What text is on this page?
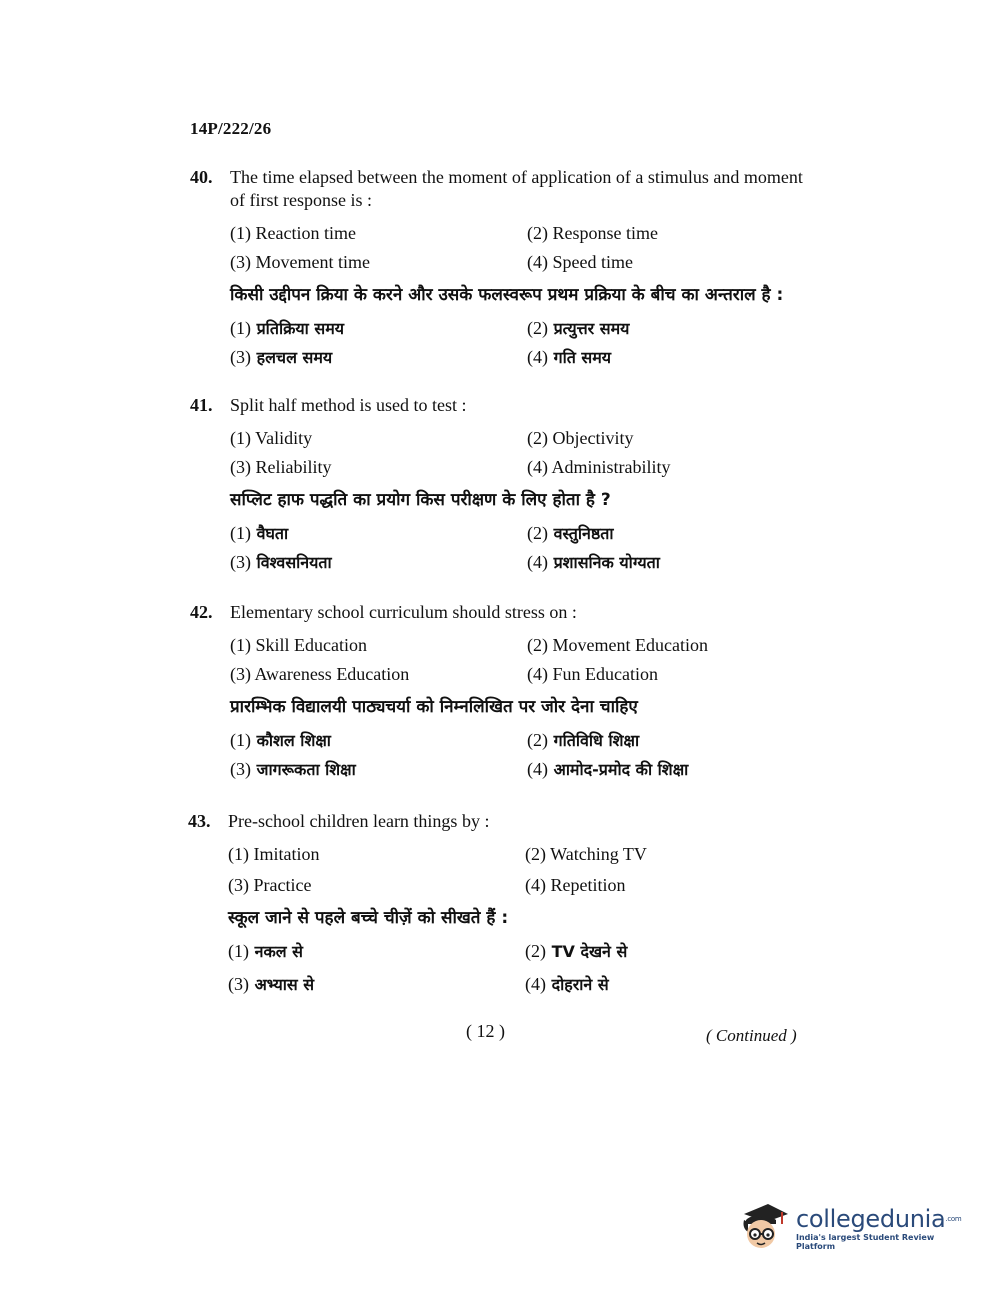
14P/222/26
40. The time elapsed between the moment of application of a stimulus and moment of first response is :
(1) Reaction time	(2) Response time
(3) Movement time	(4) Speed time
किसी उद्दीपन क्रिया के करने और उसके फलस्वरूप प्रथम प्रक्रिया के बीच का अन्तराल है :
(1) प्रतिक्रिया समय	(2) प्रत्युत्तर समय
(3) हलचल समय	(4) गति समय
41. Split half method is used to test :
(1) Validity	(2) Objectivity
(3) Reliability	(4) Administrability
सप्लिट हाफ पद्धति का प्रयोग किस परीक्षण के लिए होता है ?
(1) वैघता	(2) वस्तुनिष्ठता
(3) विश्वसनियता	(4) प्रशासनिक योग्यता
42. Elementary school curriculum should stress on :
(1) Skill Education	(2) Movement Education
(3) Awareness Education	(4) Fun Education
प्रारम्भिक विद्यालयी पाठ्यचर्या को निम्नलिखित पर जोर देना चाहिए
(1) कौशल शिक्षा	(2) गतिविधि शिक्षा
(3) जागरूकता शिक्षा	(4) आमोद-प्रमोद की शिक्षा
43. Pre-school children learn things by :
(1) Imitation	(2) Watching TV
(3) Practice	(4) Repetition
स्कूल जाने से पहले बच्चे चीज़ें को सीखते हैं :
(1) नकल से	(2) TV देखने से
(3) अभ्यास से	(4) दोहराने से
( 12 )	( Continued )
collegedunia$^{.com}$
India's largest Student Review Platform
